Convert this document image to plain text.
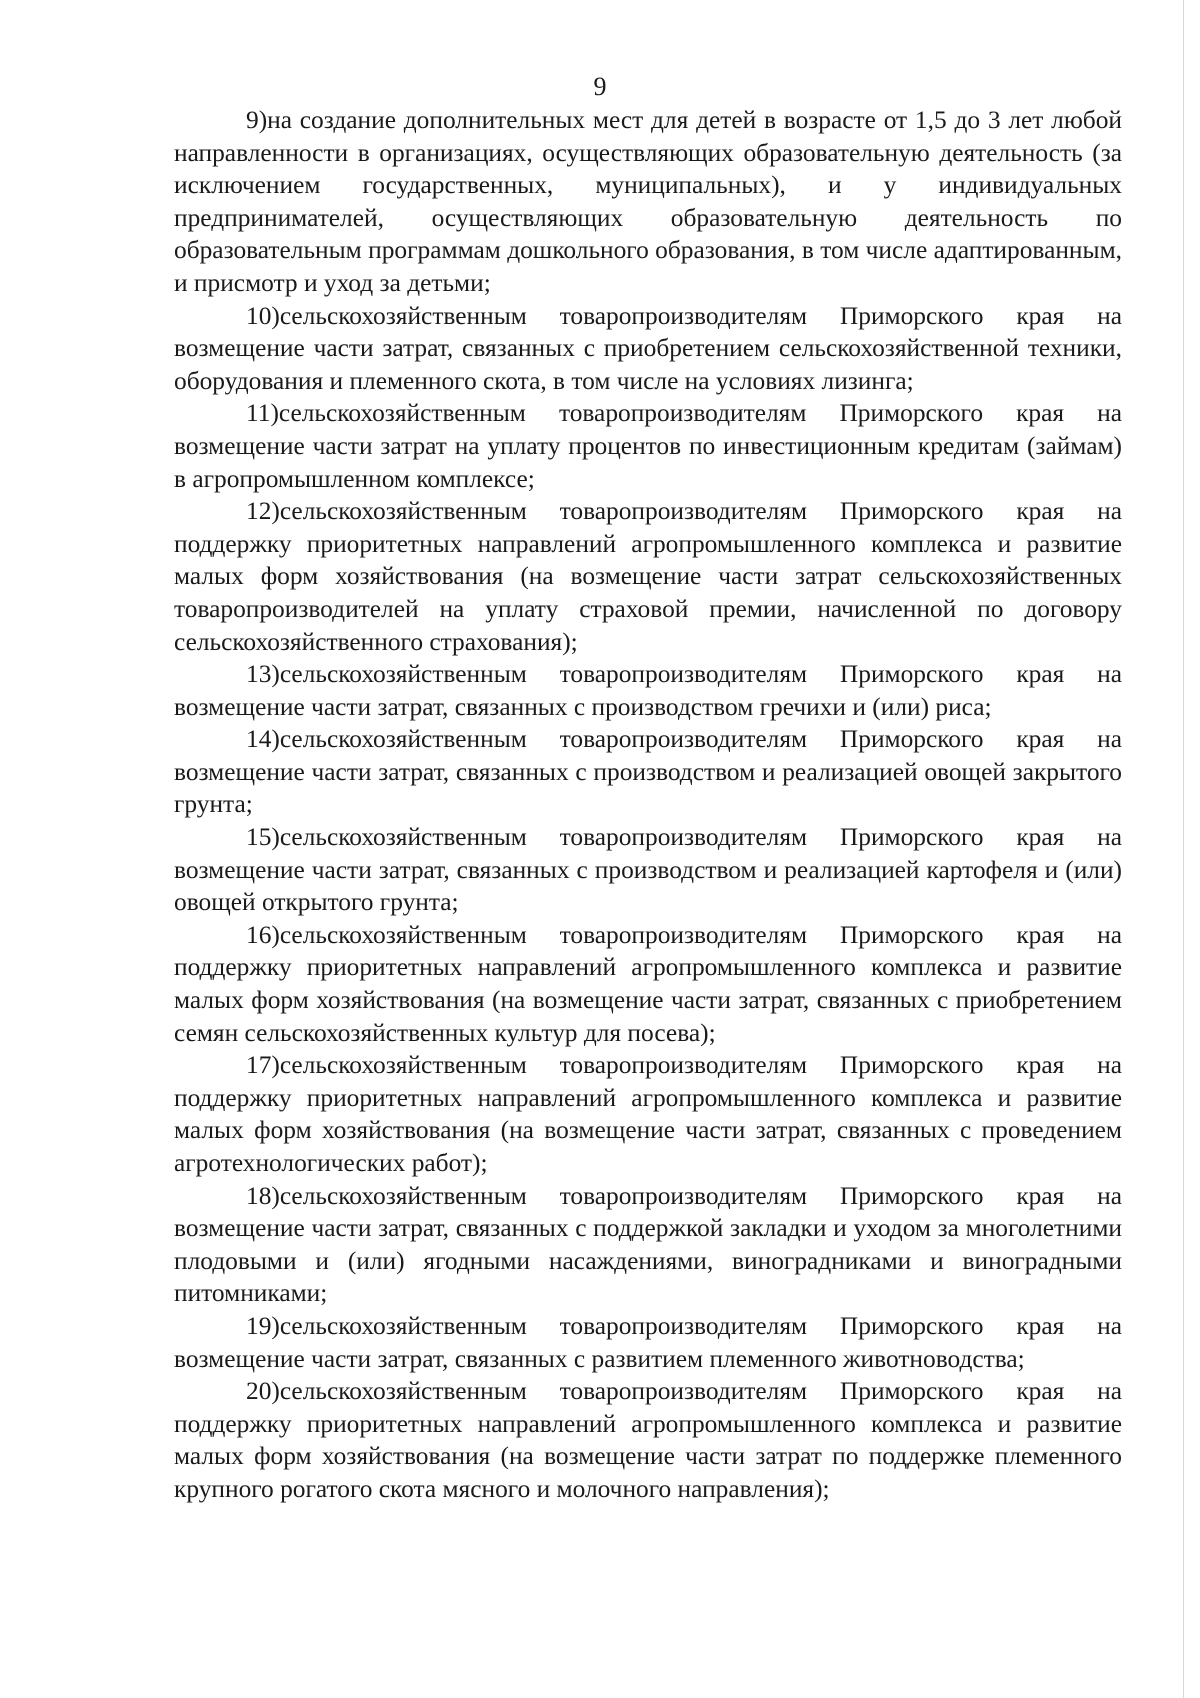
9

9)на создание дополнительных мест для детей в возрасте от 1,5 до 3 лет любой направленности в организациях, осуществляющих образовательную деятельность (за исключением государственных, муниципальных), и у индивидуальных предпринимателей, осуществляющих образовательную деятельность по образовательным программам дошкольного образования, в том числе адаптированным, и присмотр и уход за детьми;

10)сельскохозяйственным товаропроизводителям Приморского края на возмещение части затрат, связанных с приобретением сельскохозяйственной техники, оборудования и племенного скота, в том числе на условиях лизинга;

11)сельскохозяйственным товаропроизводителям Приморского края на возмещение части затрат на уплату процентов по инвестиционным кредитам (займам) в агропромышленном комплексе;

12)сельскохозяйственным товаропроизводителям Приморского края на поддержку приоритетных направлений агропромышленного комплекса и развитие малых форм хозяйствования (на возмещение части затрат сельскохозяйственных товаропроизводителей на уплату страховой премии, начисленной по договору сельскохозяйственного страхования);

13)сельскохозяйственным товаропроизводителям Приморского края на возмещение части затрат, связанных с производством гречихи и (или) риса;

14)сельскохозяйственным товаропроизводителям Приморского края на возмещение части затрат, связанных с производством и реализацией овощей закрытого грунта;

15)сельскохозяйственным товаропроизводителям Приморского края на возмещение части затрат, связанных с производством и реализацией картофеля и (или) овощей открытого грунта;

16)сельскохозяйственным товаропроизводителям Приморского края на поддержку приоритетных направлений агропромышленного комплекса и развитие малых форм хозяйствования (на возмещение части затрат, связанных с приобретением семян сельскохозяйственных культур для посева);

17)сельскохозяйственным товаропроизводителям Приморского края на поддержку приоритетных направлений агропромышленного комплекса и развитие малых форм хозяйствования (на возмещение части затрат, связанных с проведением агротехнологических работ);

18)сельскохозяйственным товаропроизводителям Приморского края на возмещение части затрат, связанных с поддержкой закладки и уходом за многолетними плодовыми и (или) ягодными насаждениями, виноградниками и виноградными питомниками;

19)сельскохозяйственным товаропроизводителям Приморского края на возмещение части затрат, связанных с развитием племенного животноводства;

20)сельскохозяйственным товаропроизводителям Приморского края на поддержку приоритетных направлений агропромышленного комплекса и развитие малых форм хозяйствования (на возмещение части затрат по поддержке племенного крупного рогатого скота мясного и молочного направления);
